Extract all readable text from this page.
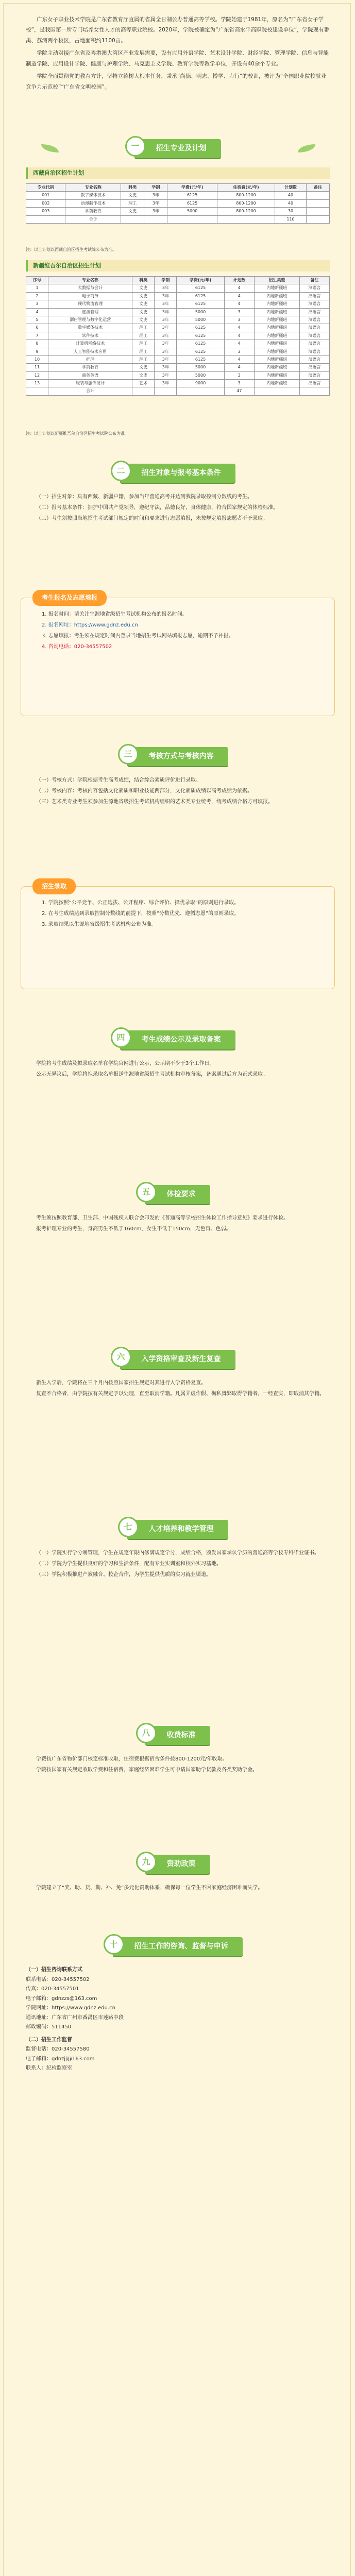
广东女子职业技术学院是广东省教育厅直属的省属全日制公办普通高等学校。学院始建于1981年，原名为“广东省女子学校”，是我国第一所专门培养女性人才的高等职业院校。2020年，学院被确定为“广东省高水平高职院校建设单位”，学院现有番禺、荔湾两个校区，占地面积约1100亩。

学院主动对接广东省及粤港澳大湾区产业发展需要，设有应用外语学院、艺术设计学院、财经学院、管理学院、信息与智能制造学院、应用设计学院、健康与护理学院、马克思主义学院、教育学院等教学单位，开设有40余个专业。

学院全面贯彻党的教育方针，坚持立德树人根本任务，秉承“尚德、明志、博学、力行”的校训，被评为“全国职业院校就业竞争力示范校”“广东省文明校园”。

一	招生专业及计划
西藏自治区招生计划
专业代码	专业名称	科类	学制	学费(元/年)	住宿费(元/年)	计划数	备注
001	数字媒体技术	文史	3年	6125	800-1200	40	
002	动漫制作技术	理工	3年	6125	800-1200	40	
003	学前教育	文史	3年	5000	800-1200	30	
	合计					110	
注：以上计划以西藏自治区招生考试院公布为准。
新疆维吾尔自治区招生计划
序号	专业名称	科类	学制	学费(元/年)	计划数	招生类型	备注
1	大数据与会计	文史	3年	6125	4	内地新疆班	汉语言
2	电子商务	文史	3年	6125	4	内地新疆班	汉语言
3	现代物流管理	文史	3年	6125	4	内地新疆班	汉语言
4	旅游管理	文史	3年	5000	3	内地新疆班	汉语言
5	酒店管理与数字化运营	文史	3年	5000	3	内地新疆班	汉语言
6	数字媒体技术	理工	3年	6125	4	内地新疆班	汉语言
7	软件技术	理工	3年	6125	4	内地新疆班	汉语言
8	计算机网络技术	理工	3年	6125	4	内地新疆班	汉语言
9	人工智能技术应用	理工	3年	6125	3	内地新疆班	汉语言
10	护理	理工	3年	6125	4	内地新疆班	汉语言
11	学前教育	文史	3年	5000	4	内地新疆班	汉语言
12	商务英语	文史	3年	5000	3	内地新疆班	汉语言
13	服装与服饰设计	艺术	3年	9000	3	内地新疆班	汉语言
	合计				47		
注：以上计划以新疆维吾尔自治区招生考试院公布为准。
二	招生对象与报考基本条件

（一）招生对象：具有西藏、新疆户籍，参加当年普通高考并达到我院录取控制分数线的考生。

（二）报考基本条件：拥护中国共产党领导，遵纪守法，品德良好，身体健康，符合国家规定的体检标准。

（三）考生须按照当地招生考试部门规定的时间和要求进行志愿填报，未按规定填报志愿者不予录取。

考生报名及志愿填报

1. 报名时间：请关注生源地省级招生考试机构公布的报名时间。

2. 报名网址：https://www.gdnz.edu.cn

3. 志愿填报：考生须在规定时间内登录当地招生考试网站填报志愿，逾期不予补报。

4. 咨询电话：020-34557502

三	考核方式与考核内容

（一）考核方式：学院根据考生高考成绩，结合综合素质评价进行录取。

（二）考核内容：考核内容包括文化素质和职业技能两部分，文化素质成绩以高考成绩为依据。

（三）艺术类专业考生须参加生源地省级招生考试机构组织的艺术类专业统考，统考成绩合格方可填报。

招生录取

1. 学院按照“公平竞争、公正选拔、公开程序、综合评价、择优录取”的原则进行录取。

2. 在考生成绩达到录取控制分数线的前提下，按照“分数优先、遵循志愿”的原则录取。

3. 录取结果以生源地省级招生考试机构公布为准。

四	考生成绩公示及录取备案

学院将考生成绩及拟录取名单在学院官网进行公示，公示期不少于3个工作日。

公示无异议后，学院将拟录取名单报送生源地省级招生考试机构审核备案，备案通过后方为正式录取。

五	体检要求

考生须按照教育部、卫生部、中国残疾人联合会印发的《普通高等学校招生体检工作指导意见》要求进行体检。

报考护理专业的考生，身高男生不低于160cm，女生不低于150cm，无色盲、色弱。

六	入学资格审查及新生复查

新生入学后，学院将在三个月内按照国家招生规定对其进行入学资格复查。

复查不合格者，由学院按有关规定予以处理，直至取消学籍。凡属弄虚作假、徇私舞弊取得学籍者，一经查实，即取消其学籍。

七	人才培养和教学管理

（一）学院实行学分制管理，学生在规定年限内修满规定学分，成绩合格，颁发国家承认学历的普通高等学校专科毕业证书。

（二）学院为学生提供良好的学习和生活条件，配有专业实训室和校外实习基地。

（三）学院积极推进产教融合、校企合作，为学生提供优质的实习就业渠道。

八	收费标准

学费按广东省物价部门核定标准收取，住宿费根据宿舍条件按800-1200元/年收取。

学院按国家有关规定收取学费和住宿费，家庭经济困难学生可申请国家助学贷款及各类奖助学金。

九	资助政策

学院建立了“奖、助、贷、勤、补、免”多元化资助体系，确保每一位学生不因家庭经济困难而失学。

十	招生工作的咨询、监督与申诉

（一）招生咨询联系方式

联系电话：020-34557502

传真：020-34557501

电子邮箱：gdnzzs@163.com

学院网址：https://www.gdnz.edu.cn

通讯地址：广东省广州市番禺区市莲路中段

邮政编码：511450

（二）招生工作监督

监督电话：020-34557580

电子邮箱：gdnzjj@163.com

联系人：纪检监察室
